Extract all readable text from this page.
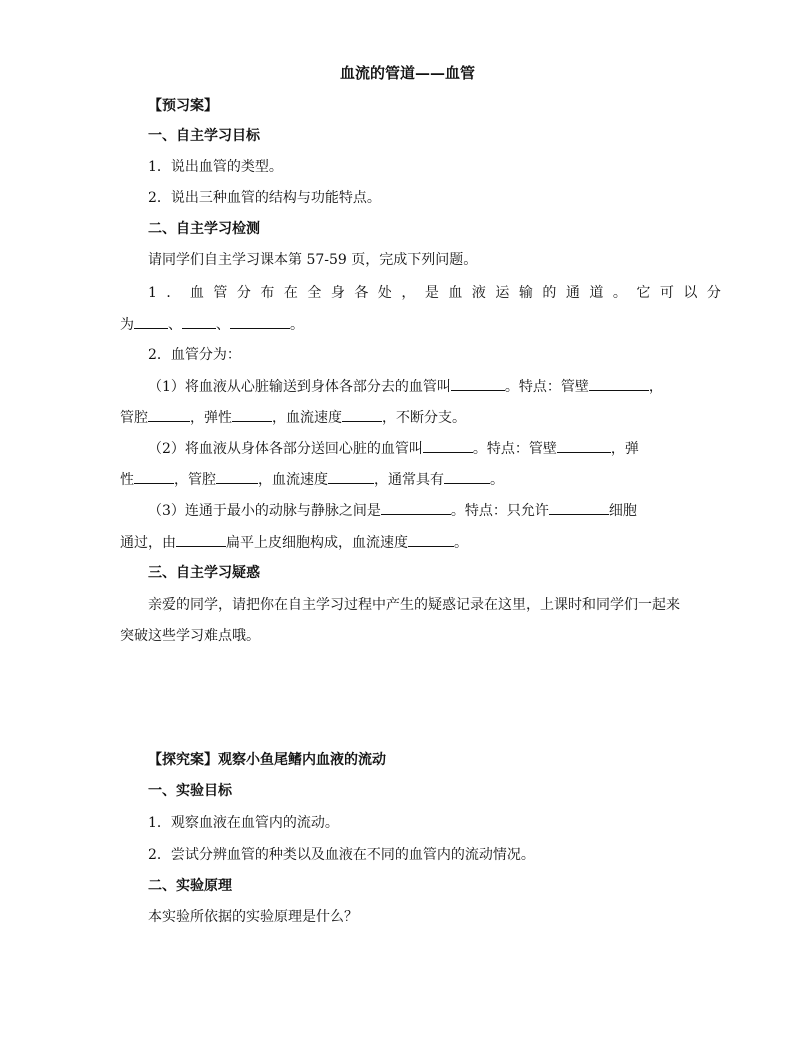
血流的管道——血管
【预习案】
一、自主学习目标
1．说出血管的类型。
2．说出三种血管的结构与功能特点。
二、自主学习检测
请同学们自主学习课本第 57-59 页，完成下列问题。
1．血管分布在全身各处，是血液运输的通道。它可以分
为 、 、	。
2．血管分为：
（1）将血液从心脏输送到身体各部分去的血管叫	。特点：管壁	，
管腔	，弹性	，血流速度	，不断分支。
（2）将血液从身体各部分送回心脏的血管叫	。特点：管壁	，弹
性	，管腔	，血流速度	，通常具有	。
（3）连通于最小的动脉与静脉之间是	。特点：只允许	细胞
通过，由	扁平上皮细胞构成，血流速度	。
三、自主学习疑惑
亲爱的同学，请把你在自主学习过程中产生的疑惑记录在这里，上课时和同学们一起来
突破这些学习难点哦。
【探究案】观察小鱼尾鳍内血液的流动
一、实验目标
1．观察血液在血管内的流动。
2．尝试分辨血管的种类以及血液在不同的血管内的流动情况。
二、实验原理
本实验所依据的实验原理是什么？
